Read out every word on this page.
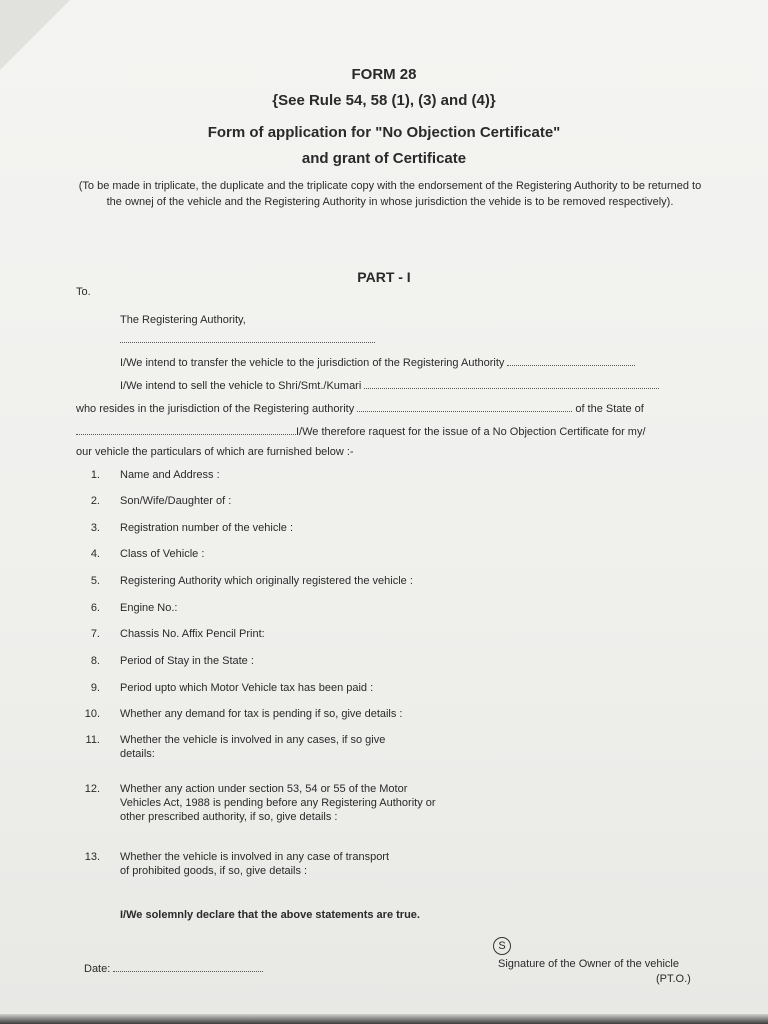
FORM 28
{See Rule 54, 58 (1), (3) and (4)}
Form of application for "No Objection Certificate"
and grant of Certificate
(To be made in triplicate, the duplicate and the triplicate copy with the endorsement of the Registering Authority to be returned to the ownej of the vehicle and the Registering Authority in whose jurisdiction the vehide is to be removed respectively).
PART - I
To.
The Registering Authority,
I/We intend to transfer the vehicle to the jurisdiction of the Registering Authority
I/We intend to sell the vehicle to Shri/Smt./Kumari
who resides in the jurisdiction of the Registering authority	of the State of
I/We therefore raquest for the issue of a No Objection Certificate for my/
our vehicle the particulars of which are furnished below :-
1. Name and Address :
2. Son/Wife/Daughter of :
3. Registration number of the vehicle :
4. Class of Vehicle :
5. Registering Authority which originally registered the vehicle :
6. Engine No.:
7. Chassis No. Affix Pencil Print:
8. Period of Stay in the State :
9. Period upto which Motor Vehicle tax has been paid :
10. Whether any demand for tax is pending if so, give details :
11. Whether the vehicle is involved in any cases, if so give details:
12. Whether any action under section 53, 54 or 55 of the Motor Vehicles Act, 1988 is pending before any Registering Authority or other prescribed authority, if so, give details :
13. Whether the vehicle is involved in any case of transport of prohibited goods, if so, give details :
I/We solemnly declare that the above statements are true.
Date:
S
Signature of the Owner of the vehicle
(PT.O.)
